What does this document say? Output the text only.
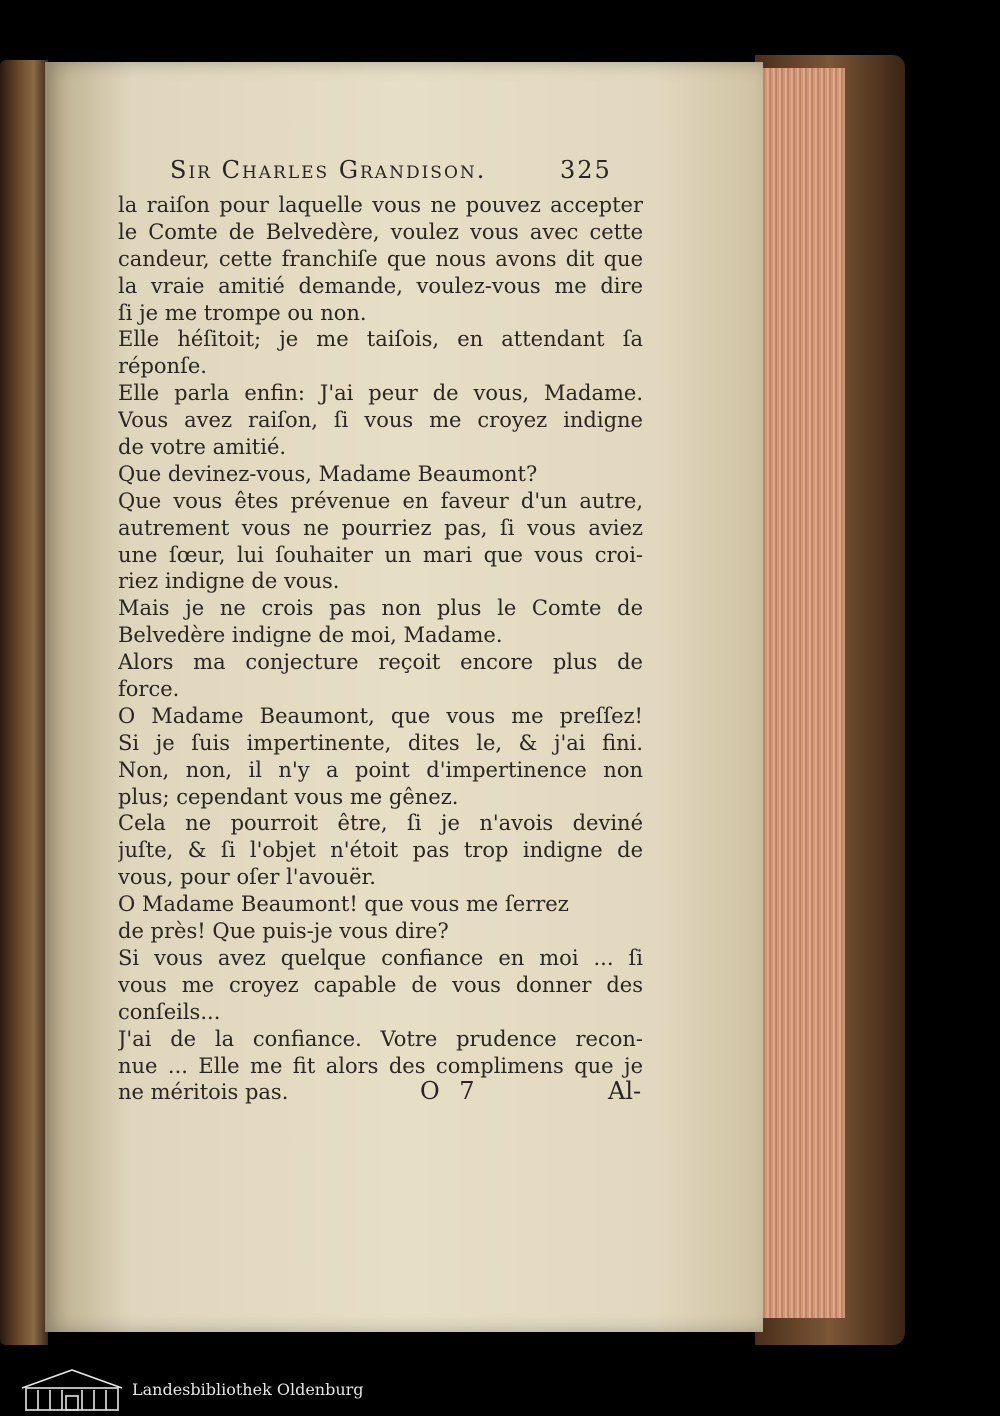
Sir Charles Grandison.	325
la raiſon pour laquelle vous ne pouvez accepter
le Comte de Belvedère, voulez vous avec cette
candeur, cette franchiſe que nous avons dit que
la vraie amitié demande, voulez-vous me dire
ſi je me trompe ou non.
Elle héſitoit; je me taiſois, en attendant ſa
réponſe.
Elle parla enfin: J'ai peur de vous, Madame.
Vous avez raiſon, ſi vous me croyez indigne
de votre amitié.
Que devinez-vous, Madame Beaumont?
Que vous êtes prévenue en faveur d'un autre,
autrement vous ne pourriez pas, ſi vous aviez
une ſœur, lui ſouhaiter un mari que vous croi-
riez indigne de vous.
Mais je ne crois pas non plus le Comte de
Belvedère indigne de moi, Madame.
Alors ma conjecture reçoit encore plus de
force.
O Madame Beaumont, que vous me preſſez!
Si je ſuis impertinente, dites le, & j'ai fini.
Non, non, il n'y a point d'impertinence non
plus; cependant vous me gênez.
Cela ne pourroit être, ſi je n'avois deviné
juſte, & ſi l'objet n'étoit pas trop indigne de
vous, pour oſer l'avouër.
O Madame Beaumont! que vous me ſerrez
de près! Que puis-je vous dire?
Si vous avez quelque confiance en moi ... ſi
vous me croyez capable de vous donner des
conſeils...
J'ai de la confiance. Votre prudence recon-
nue ... Elle me fit alors des complimens que je
ne méritois pas.	O 7	Al-
Landesbibliothek Oldenburg
